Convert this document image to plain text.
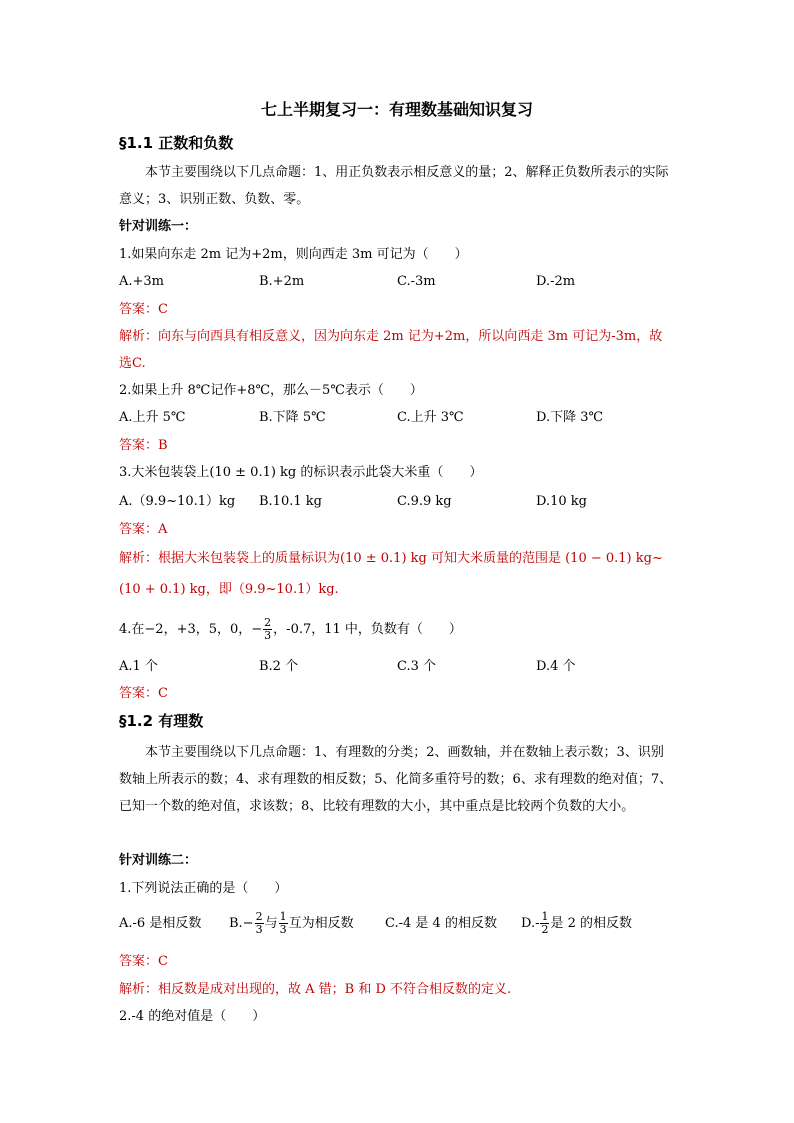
七上半期复习一：有理数基础知识复习
§1.1 正数和负数
本节主要围绕以下几点命题：1、用正负数表示相反意义的量；2、解释正负数所表示的实际意义；3、识别正数、负数、零。
针对训练一：
1.如果向东走 2m 记为+2m，则向西走 3m 可记为（　　）
A.+3m	B.+2m	C.-3m	D.-2m
答案：C
解析：向东与向西具有相反意义，因为向东走 2m 记为+2m，所以向西走 3m 可记为-3m，故选C.
2.如果上升 8℃记作+8℃，那么－5℃表示（　　）
A.上升 5℃	B.下降 5℃	C.上升 3℃	D.下降 3℃
答案：B
3.大米包装袋上(10 ± 0.1) kg 的标识表示此袋大米重（　　）
A.（9.9~10.1）kg B.10.1 kg	C.9.9 kg	D.10 kg
答案：A
解析：根据大米包装袋上的质量标识为(10 ± 0.1) kg 可知大米质量的范围是 (10 − 0.1) kg~
(10 + 0.1) kg，即（9.9~10.1）kg.
4.在−2，+3，5，0，− $\frac{2}{3}$ ，-0.7，11 中，负数有（　　）
A.1 个	B.2 个	C.3 个	D.4 个
答案：C
§1.2 有理数
本节主要围绕以下几点命题：1、有理数的分类；2、画数轴，并在数轴上表示数；3、识别数轴上所表示的数；4、求有理数的相反数；5、化简多重符号的数；6、求有理数的绝对值；7、已知一个数的绝对值，求该数；8、比较有理数的大小，其中重点是比较两个负数的大小。
针对训练二：
1.下列说法正确的是（　　）
A.-6 是相反数 $B.- \frac{2}{3}$ 与 $\frac{1}{3}$ 互为相反数 C.-4 是 4 的相反数 $D.- \frac{1}{2}$ 是 2 的相反数
答案：C
解析：相反数是成对出现的，故 A 错；B 和 D 不符合相反数的定义.
2.-4 的绝对值是（　　）
